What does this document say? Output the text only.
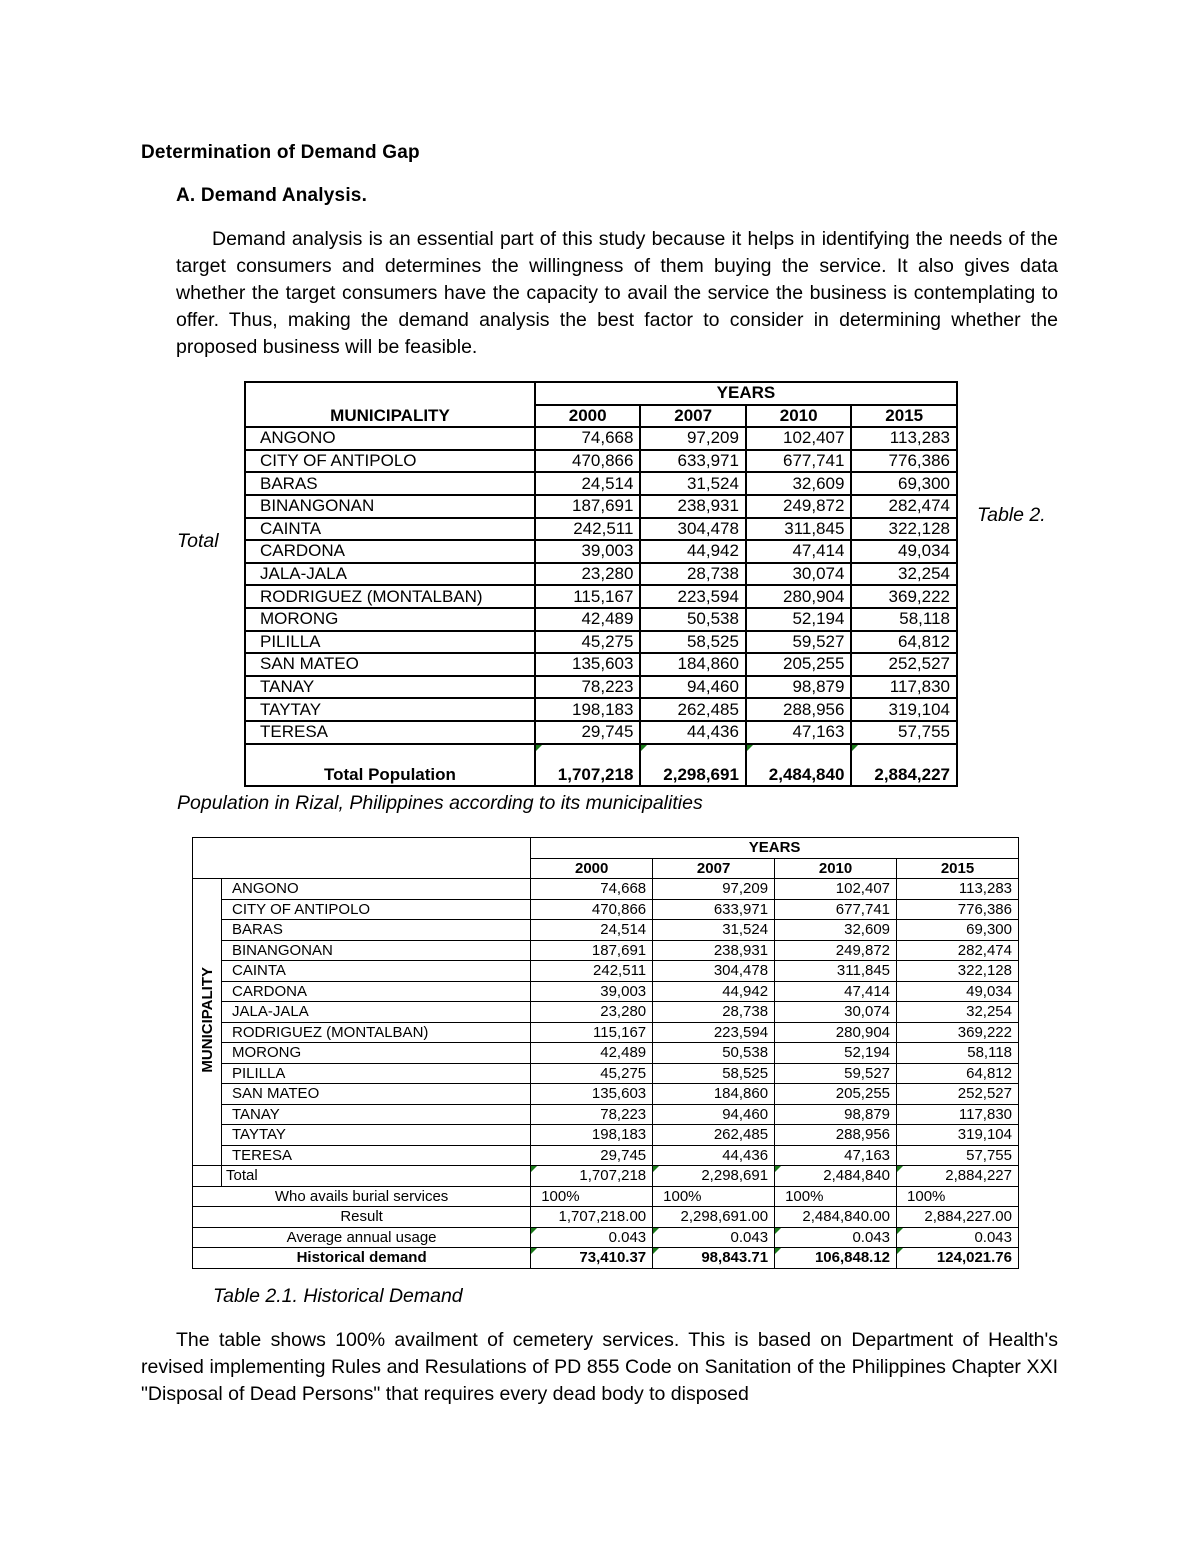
Determination of Demand Gap
A. Demand Analysis.
Demand analysis is an essential part of this study because it helps in identifying the needs of the target consumers and determines the willingness of them buying the service. It also gives data whether the target consumers have the capacity to avail the service the business is contemplating to offer. Thus, making the demand analysis the best factor to consider in determining whether the proposed business will be feasible.
Total
Table 2.
MUNICIPALITY	YEARS			
	2000	2007	2010	2015
ANGONO	74,668	97,209	102,407	113,283
CITY OF ANTIPOLO	470,866	633,971	677,741	776,386
BARAS	24,514	31,524	32,609	69,300
BINANGONAN	187,691	238,931	249,872	282,474
CAINTA	242,511	304,478	311,845	322,128
CARDONA	39,003	44,942	47,414	49,034
JALA-JALA	23,280	28,738	30,074	32,254
RODRIGUEZ (MONTALBAN)	115,167	223,594	280,904	369,222
MORONG	42,489	50,538	52,194	58,118
PILILLA	45,275	58,525	59,527	64,812
SAN MATEO	135,603	184,860	205,255	252,527
TANAY	78,223	94,460	98,879	117,830
TAYTAY	198,183	262,485	288,956	319,104
TERESA	29,745	44,436	47,163	57,755
Total Population	1,707,218	2,298,691	2,484,840	2,884,227
Population in Rizal, Philippines according to its municipalities
		YEARS			
		2000	2007	2010	2015
MUNICIPALITY	ANGONO	74,668	97,209	102,407	113,283
	CITY OF ANTIPOLO	470,866	633,971	677,741	776,386
	BARAS	24,514	31,524	32,609	69,300
	BINANGONAN	187,691	238,931	249,872	282,474
	CAINTA	242,511	304,478	311,845	322,128
	CARDONA	39,003	44,942	47,414	49,034
	JALA-JALA	23,280	28,738	30,074	32,254
	RODRIGUEZ (MONTALBAN)	115,167	223,594	280,904	369,222
	MORONG	42,489	50,538	52,194	58,118
	PILILLA	45,275	58,525	59,527	64,812
	SAN MATEO	135,603	184,860	205,255	252,527
	TANAY	78,223	94,460	98,879	117,830
	TAYTAY	198,183	262,485	288,956	319,104
	TERESA	29,745	44,436	47,163	57,755
	Total	1,707,218	2,298,691	2,484,840	2,884,227
Who avails burial services		100%	100%	100%	100%
Result		1,707,218.00	2,298,691.00	2,484,840.00	2,884,227.00
Average annual usage		0.043	0.043	0.043	0.043
Historical demand		73,410.37	98,843.71	106,848.12	124,021.76
Table 2.1. Historical Demand
The table shows 100% availment of cemetery services. This is based on Department of Health's revised implementing Rules and Resulations of PD 855 Code on Sanitation of the Philippines Chapter XXI "Disposal of Dead Persons" that requires every dead body to disposed
